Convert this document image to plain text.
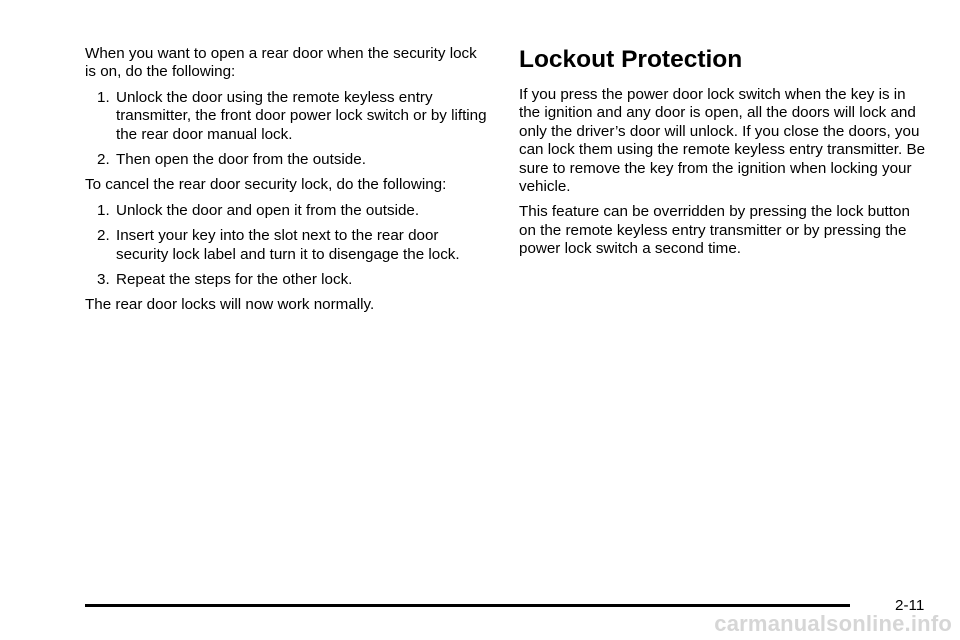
When you want to open a rear door when the security lock is on, do the following:

1. Unlock the door using the remote keyless entry transmitter, the front door power lock switch or by lifting the rear door manual lock.
2. Then open the door from the outside.

To cancel the rear door security lock, do the following:

1. Unlock the door and open it from the outside.
2. Insert your key into the slot next to the rear door security lock label and turn it to disengage the lock.
3. Repeat the steps for the other lock.

The rear door locks will now work normally.

Lockout Protection

If you press the power door lock switch when the key is in the ignition and any door is open, all the doors will lock and only the driver’s door will unlock. If you close the doors, you can lock them using the remote keyless entry transmitter. Be sure to remove the key from the ignition when locking your vehicle.

This feature can be overridden by pressing the lock button on the remote keyless entry transmitter or by pressing the power lock switch a second time.

2-11
carmanualsonline.info
